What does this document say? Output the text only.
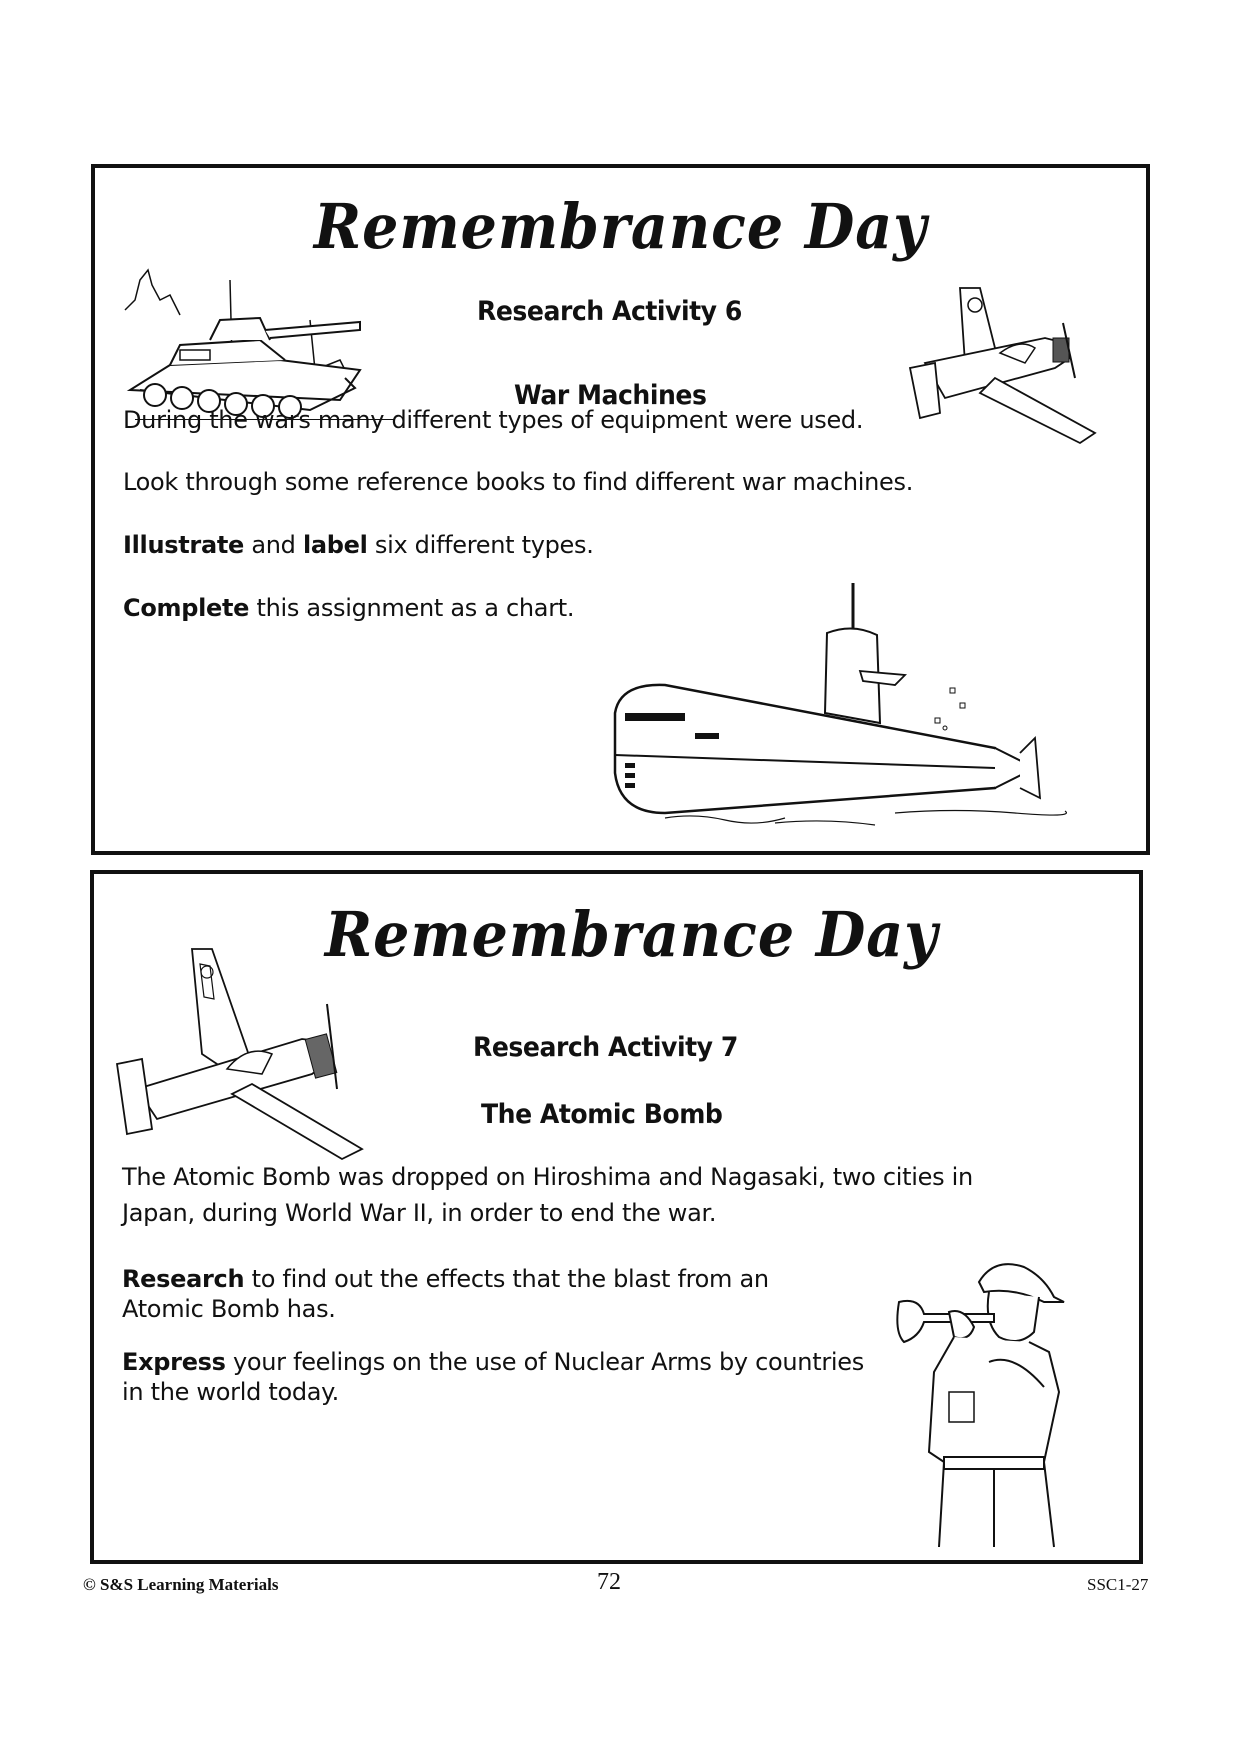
Remembrance Day
Research Activity 6
War Machines
During the wars many different types of equipment were used.
Look through some reference books to find different war machines.
Illustrate and label six different types.
Complete this assignment as a chart.
Remembrance Day
Research Activity 7
The Atomic Bomb
The Atomic Bomb was dropped on Hiroshima and Nagasaki, two cities in
Japan, during World War II, in order to end the war.
Research to find out the effects that the blast from an
Atomic Bomb has.
Express your feelings on the use of Nuclear Arms by countries
in the world today.
© S&S Learning Materials	72	SSC1-27
